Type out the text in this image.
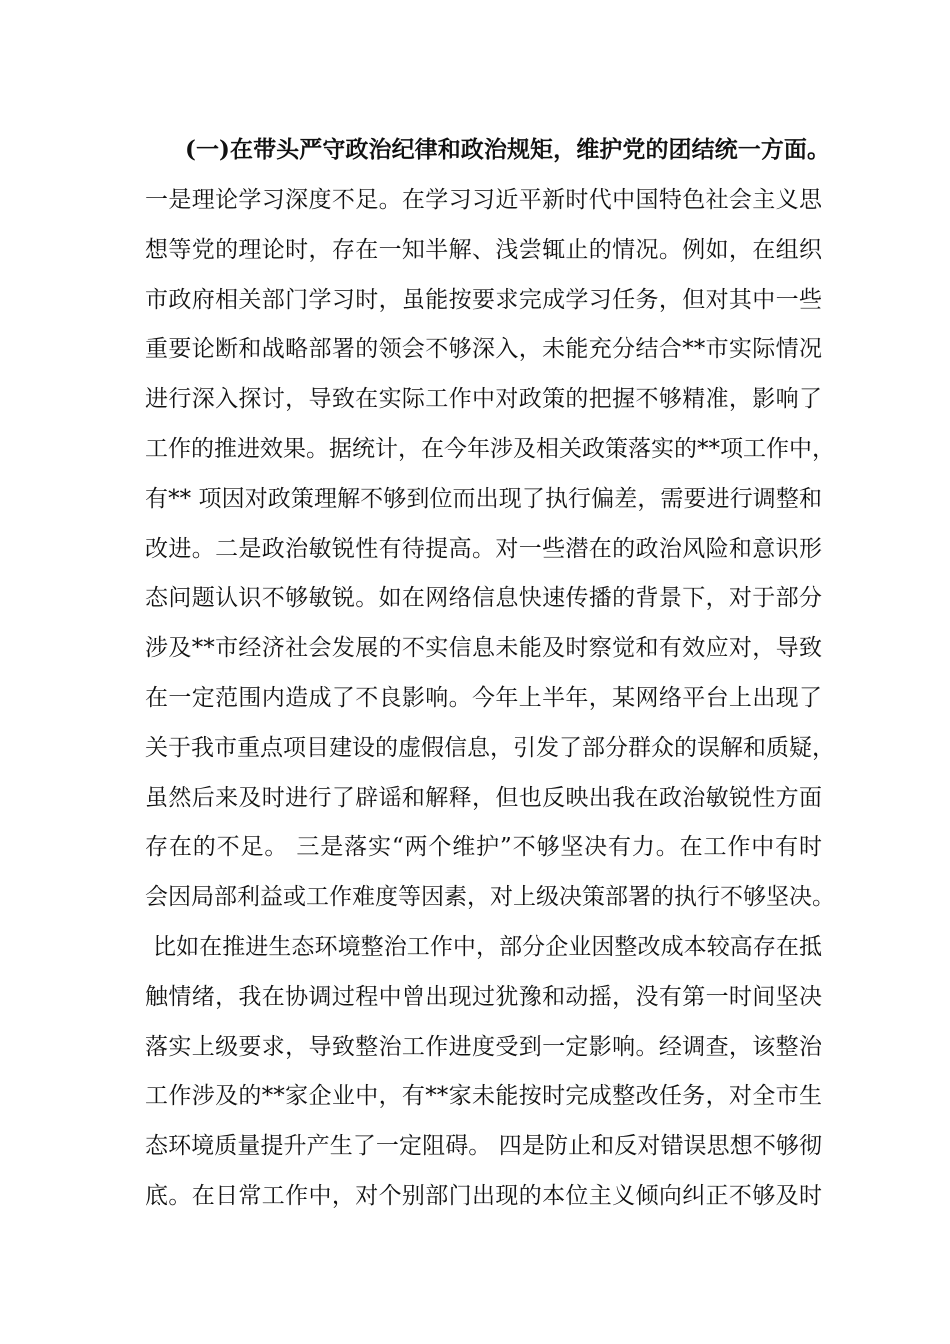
(一)在带头严守政治纪律和政治规矩，维护党的团结统一方面。
一是理论学习深度不足。在学习习近平新时代中国特色社会主义思
想等党的理论时，存在一知半解、浅尝辄止的情况。例如，在组织
市政府相关部门学习时，虽能按要求完成学习任务，但对其中一些
重要论断和战略部署的领会不够深入，未能充分结合**市实际情况
进行深入探讨，导致在实际工作中对政策的把握不够精准，影响了
工作的推进效果。据统计，在今年涉及相关政策落实的**项工作中，
有** 项因对政策理解不够到位而出现了执行偏差，需要进行调整和
改进。二是政治敏锐性有待提高。对一些潜在的政治风险和意识形
态问题认识不够敏锐。如在网络信息快速传播的背景下，对于部分
涉及**市经济社会发展的不实信息未能及时察觉和有效应对，导致
在一定范围内造成了不良影响。今年上半年，某网络平台上出现了
关于我市重点项目建设的虚假信息，引发了部分群众的误解和质疑，
虽然后来及时进行了辟谣和解释，但也反映出我在政治敏锐性方面
存在的不足。 三是落实“两个维护”不够坚决有力。在工作中有时
会因局部利益或工作难度等因素，对上级决策部署的执行不够坚决。
比如在推进生态环境整治工作中，部分企业因整改成本较高存在抵
触情绪，我在协调过程中曾出现过犹豫和动摇，没有第一时间坚决
落实上级要求，导致整治工作进度受到一定影响。经调查，该整治
工作涉及的**家企业中，有**家未能按时完成整改任务，对全市生
态环境质量提升产生了一定阻碍。 四是防止和反对错误思想不够彻
底。在日常工作中，对个别部门出现的本位主义倾向纠正不够及时
